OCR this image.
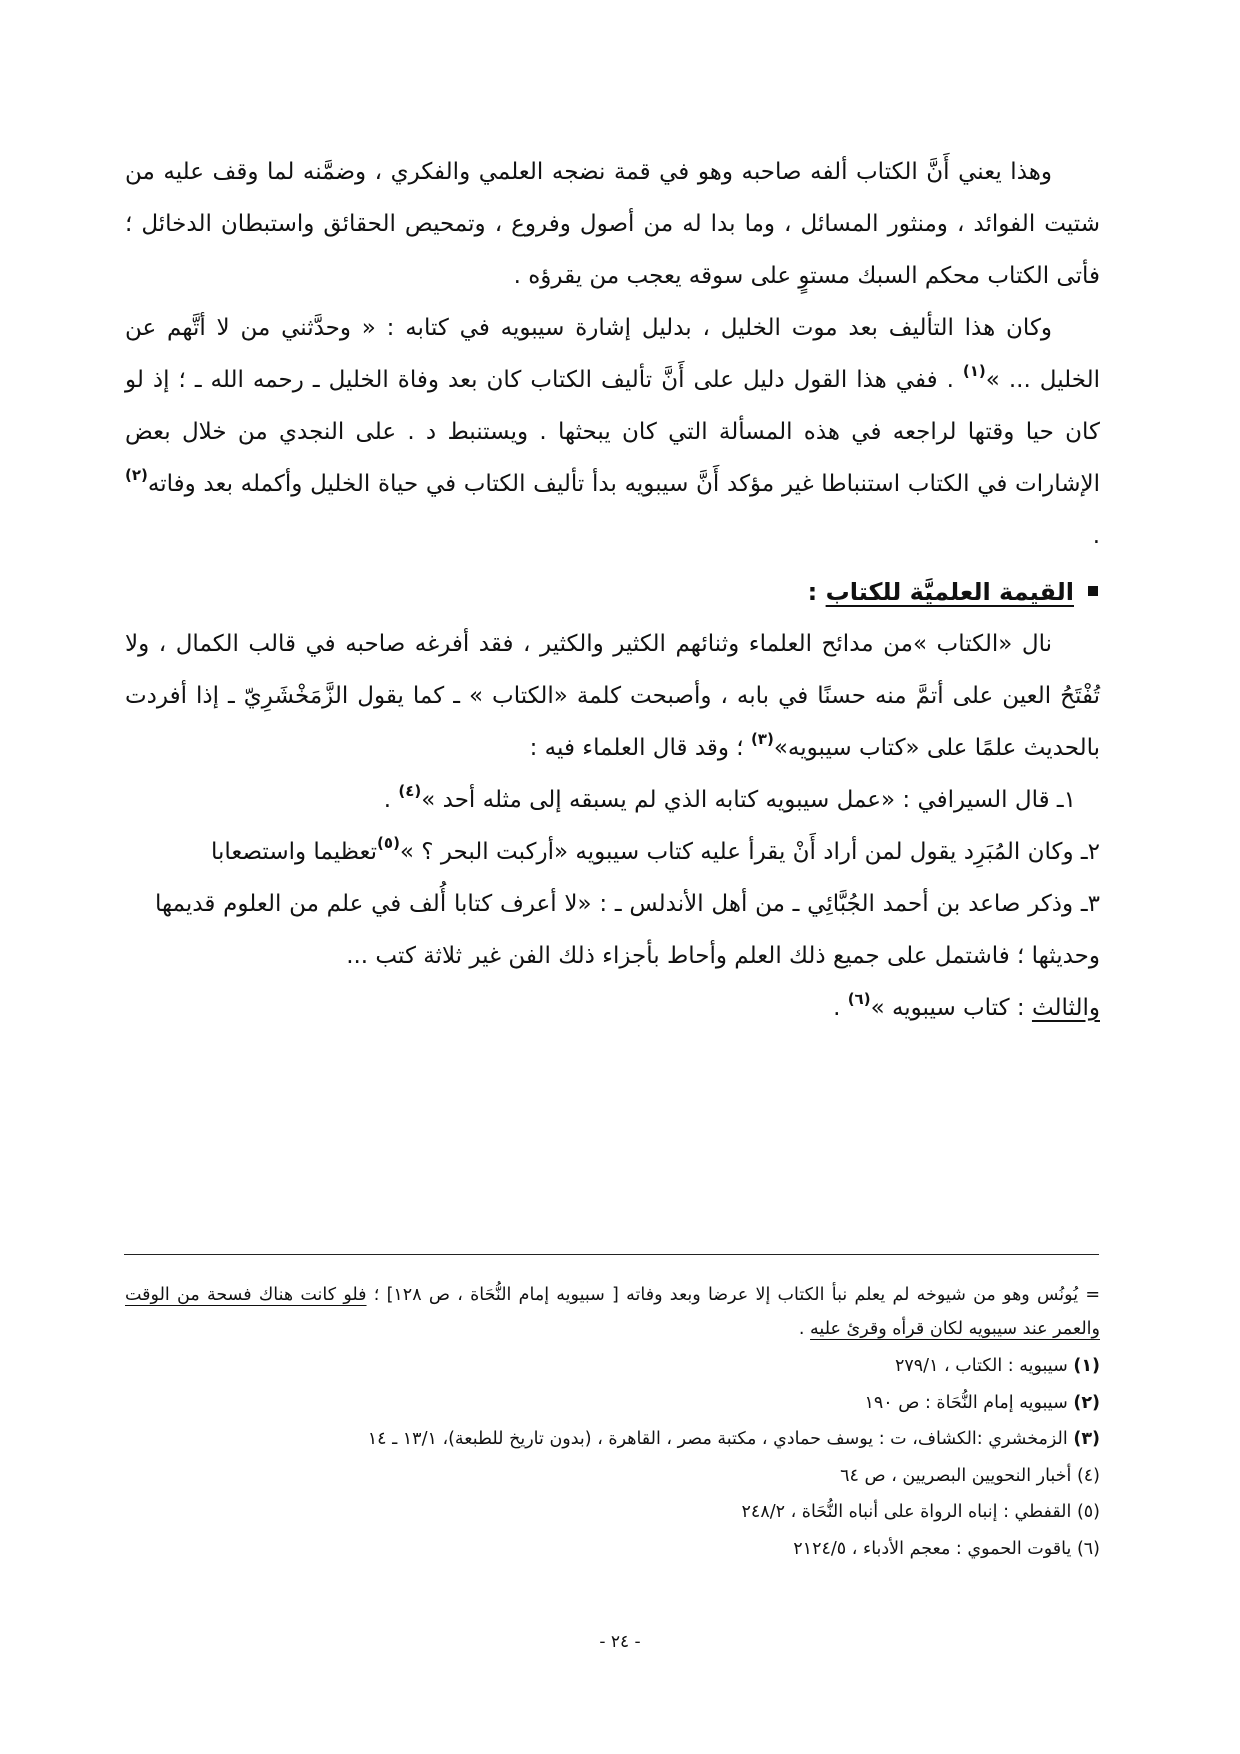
وهذا يعني أَنَّ الكتاب ألفه صاحبه وهو في قمة نضجه العلمي والفكري ، وضمَّنه لما وقف عليه من شتيت الفوائد ، ومنثور المسائل ، وما بدا له من أصول وفروع ، وتمحيص الحقائق واستبطان الدخائل ؛ فأتى الكتاب محكم السبك مستوٍ على سوقه يعجب من يقرؤه .

وكان هذا التأليف بعد موت الخليل ، بدليل إشارة سيبويه في كتابه : « وحدَّثني من لا أتَّهم عن الخليل ... »$^{(١)}$ . ففي هذا القول دليل على أَنَّ تأليف الكتاب كان بعد وفاة الخليل ـ رحمه الله ـ ؛ إذ لو كان حيا وقتها لراجعه في هذه المسألة التي كان يبحثها . ويستنبط د . على النجدي من خلال بعض الإشارات في الكتاب استنباطا غير مؤكد أَنَّ سيبويه بدأ تأليف الكتاب في حياة الخليل وأكمله بعد وفاته$^{(٢)}$ .

القيمة العلميَّة للكتاب :

نال «الكتاب »من مدائح العلماء وثنائهم الكثير والكثير ، فقد أفرغه صاحبه في قالب الكمال ، ولا تُفْتَحُ العين على أتمَّ منه حسنًا في بابه ، وأصبحت كلمة «الكتاب » ـ كما يقول الزَّمَخْشَرِيّ ـ إذا أفردت بالحديث علمًا على «كتاب سيبويه»$^{(٣)}$ ؛ وقد قال العلماء فيه :

١ـ قال السيرافي : «عمل سيبويه كتابه الذي لم يسبقه إلى مثله أحد »$^{(٤)}$ .

٢ـ وكان المُبَرِد يقول لمن أراد أَنْ يقرأ عليه كتاب سيبويه «أركبت البحر ؟ »$^{(٥)}$تعظيما واستصعابا

٣ـ وذكر صاعد بن أحمد الجُبَّائِي ـ من أهل الأندلس ـ : «لا أعرف كتابا أُلف في علم من العلوم قديمها وحديثها ؛ فاشتمل على جميع ذلك العلم وأحاط بأجزاء ذلك الفن غير ثلاثة كتب ...
والثالث : كتاب سيبويه »$^{(٦)}$ .

= يُونُس وهو من شيوخه لم يعلم نبأ الكتاب إلا عرضا وبعد وفاته [ سبيويه إمام النُّحَاة ، ص ١٢٨] ؛ فلو كانت هناك فسحة من الوقت والعمر عند سيبويه لكان قرأه وقرئ عليه .

(١) سيبويه : الكتاب ، ٢٧٩/١

(٢) سيبويه إمام النُّحَاة : ص ١٩٠

(٣) الزمخشري :الكشاف، ت : يوسف حمادي ، مكتبة مصر ، القاهرة ، (بدون تاريخ للطبعة)، ١٣/١ ـ ١٤

(٤) أخبار النحويين البصريين ، ص ٦٤

(٥) القفطي : إنباه الرواة على أنباه النُّحَاة ، ٢٤٨/٢

(٦) ياقوت الحموي : معجم الأدباء ، ٢١٢٤/٥

- ٢٤ -
